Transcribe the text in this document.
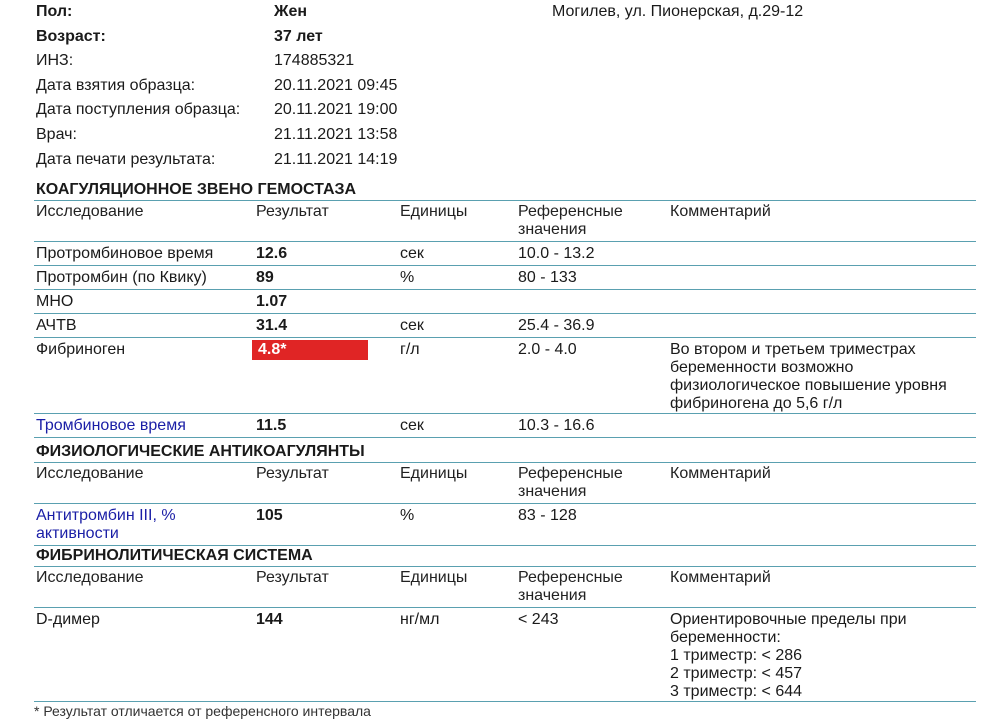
Пол:	Жен
Возраст:	37 лет
ИНЗ:	174885321
Дата взятия образца:	20.11.2021 09:45
Дата поступления образца: 20.11.2021 19:00
Врач:	21.11.2021 13:58
Дата печати результата:	21.11.2021 14:19
Могилев, ул. Пионерская, д.29-12
КОАГУЛЯЦИОННОЕ ЗВЕНО ГЕМОСТАЗА
Исследование	Результат	Единицы	Референсные значения	Комментарий
Протромбиновое время	12.6	сек	10.0 - 13.2	
Протромбин (по Квику)	89	%	80 - 133	
МНО	1.07			
АЧТВ	31.4	сек	25.4 - 36.9	
Фибриноген	4.8*	г/л	2.0 - 4.0	Во втором и третьем триместрах беременности возможно физиологическое повышение уровня фибриногена до 5,6 г/л
Тромбиновое время	11.5	сек	10.3 - 16.6	
ФИЗИОЛОГИЧЕСКИЕ АНТИКОАГУЛЯНТЫ
Исследование	Результат	Единицы	Референсные значения	Комментарий
Антитромбин III, % активности	105	%	83 - 128	
ФИБРИНОЛИТИЧЕСКАЯ СИСТЕМА
Исследование	Результат	Единицы	Референсные значения	Комментарий
D-димер	144	нг/мл	< 243	Ориентировочные пределы при беременности:
1 триместр: < 286
2 триместр: < 457
3 триместр: < 644
* Результат отличается от референсного интервала
